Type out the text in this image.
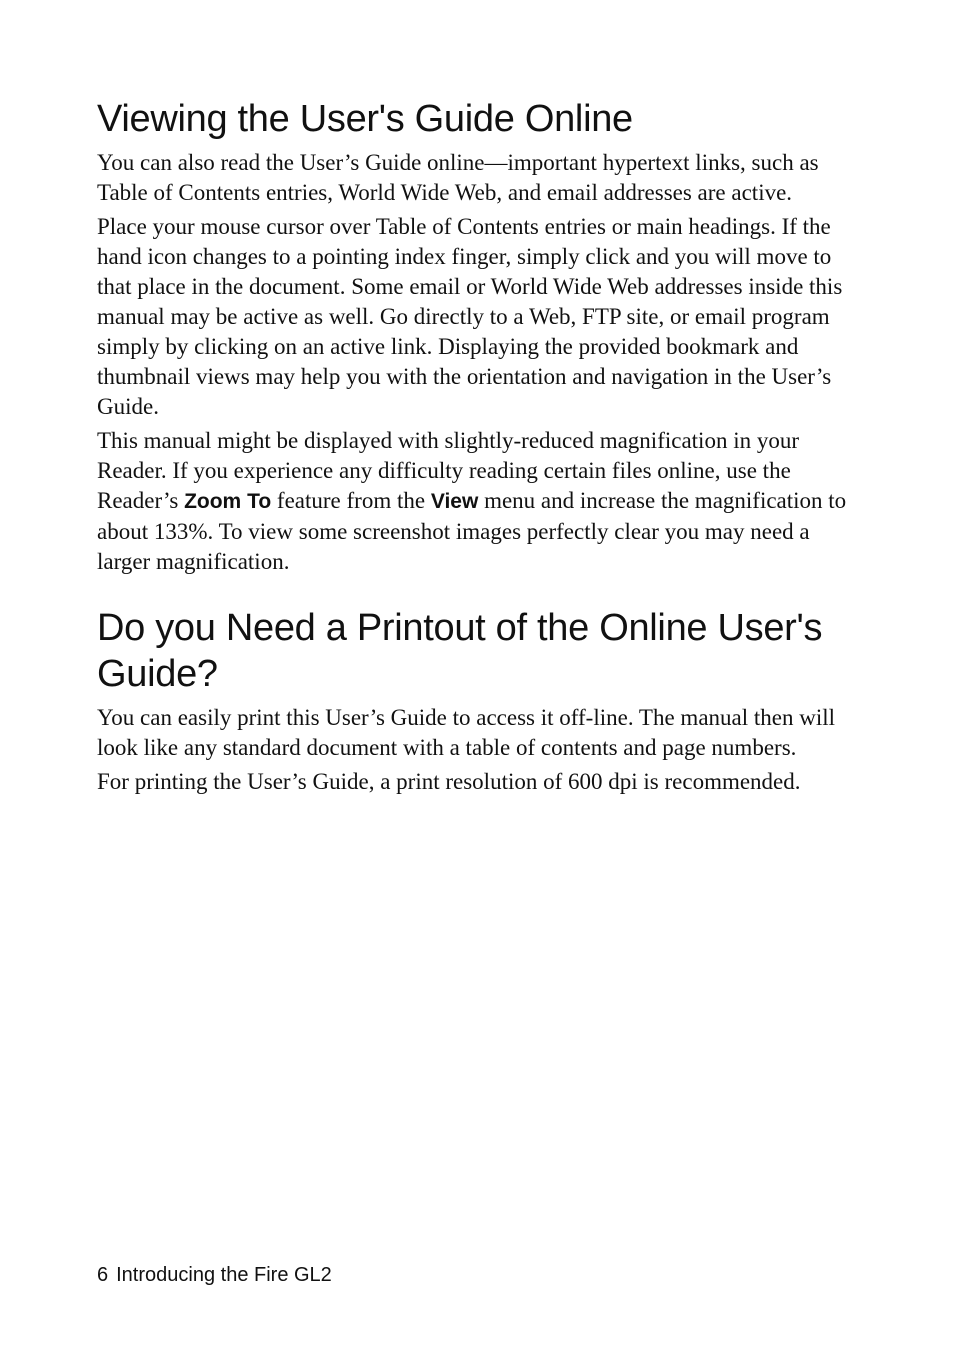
Viewing the User's Guide Online

You can also read the User’s Guide online—important hypertext links, such as Table of Contents entries, World Wide Web, and email addresses are active.

Place your mouse cursor over Table of Contents entries or main headings. If the hand icon changes to a pointing index finger, simply click and you will move to that place in the document. Some email or World Wide Web addresses inside this manual may be active as well. Go directly to a Web, FTP site, or email program simply by clicking on an active link. Displaying the provided bookmark and thumbnail views may help you with the orientation and navigation in the User’s Guide.

This manual might be displayed with slightly-reduced magnification in your Reader. If you experience any difficulty reading certain files online, use the Reader’s Zoom To feature from the View menu and increase the magnification to about 133%. To view some screenshot images perfectly clear you may need a larger magnification.

Do you Need a Printout of the Online User's Guide?

You can easily print this User’s Guide to access it off-line. The manual then will look like any standard document with a table of contents and page numbers.

For printing the User’s Guide, a print resolution of 600 dpi is recommended.

6 Introducing the Fire GL2
